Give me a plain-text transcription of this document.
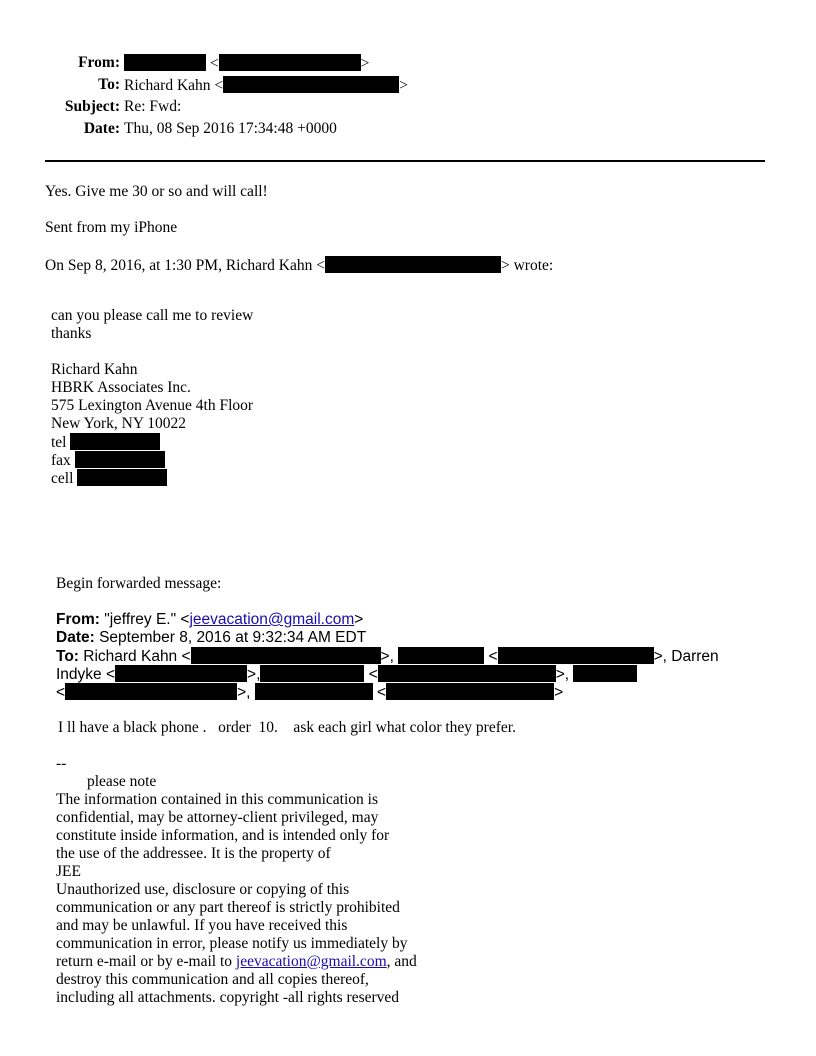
From:	<	>
To: Richard Kahn <	>
Subject: Re: Fwd:
Date: Thu, 08 Sep 2016 17:34:48 +0000
Yes. Give me 30 or so and will call!
Sent from my iPhone
On Sep 8, 2016, at 1:30 PM, Richard Kahn <	> wrote:
can you please call me to review
thanks
Richard Kahn
HBRK Associates Inc.
575 Lexington Avenue 4th Floor
New York, NY 10022
tel
fax
cell
Begin forwarded message:
From: "jeffrey E." <jeevacation@gmail.com>
Date: September 8, 2016 at 9:32:34 AM EDT
To: Richard Kahn <	>,	<	>, Darren
Indyke <	>,	<	>,
<	>,	<	>
I ll have a black phone .   order  10.    ask each girl what color they prefer.
--
please note
The information contained in this communication is
confidential, may be attorney-client privileged, may
constitute inside information, and is intended only for
the use of the addressee. It is the property of
JEE
Unauthorized use, disclosure or copying of this
communication or any part thereof is strictly prohibited
and may be unlawful. If you have received this
communication in error, please notify us immediately by
return e-mail or by e-mail to jeevacation@gmail.com, and
destroy this communication and all copies thereof,
including all attachments. copyright -all rights reserved
